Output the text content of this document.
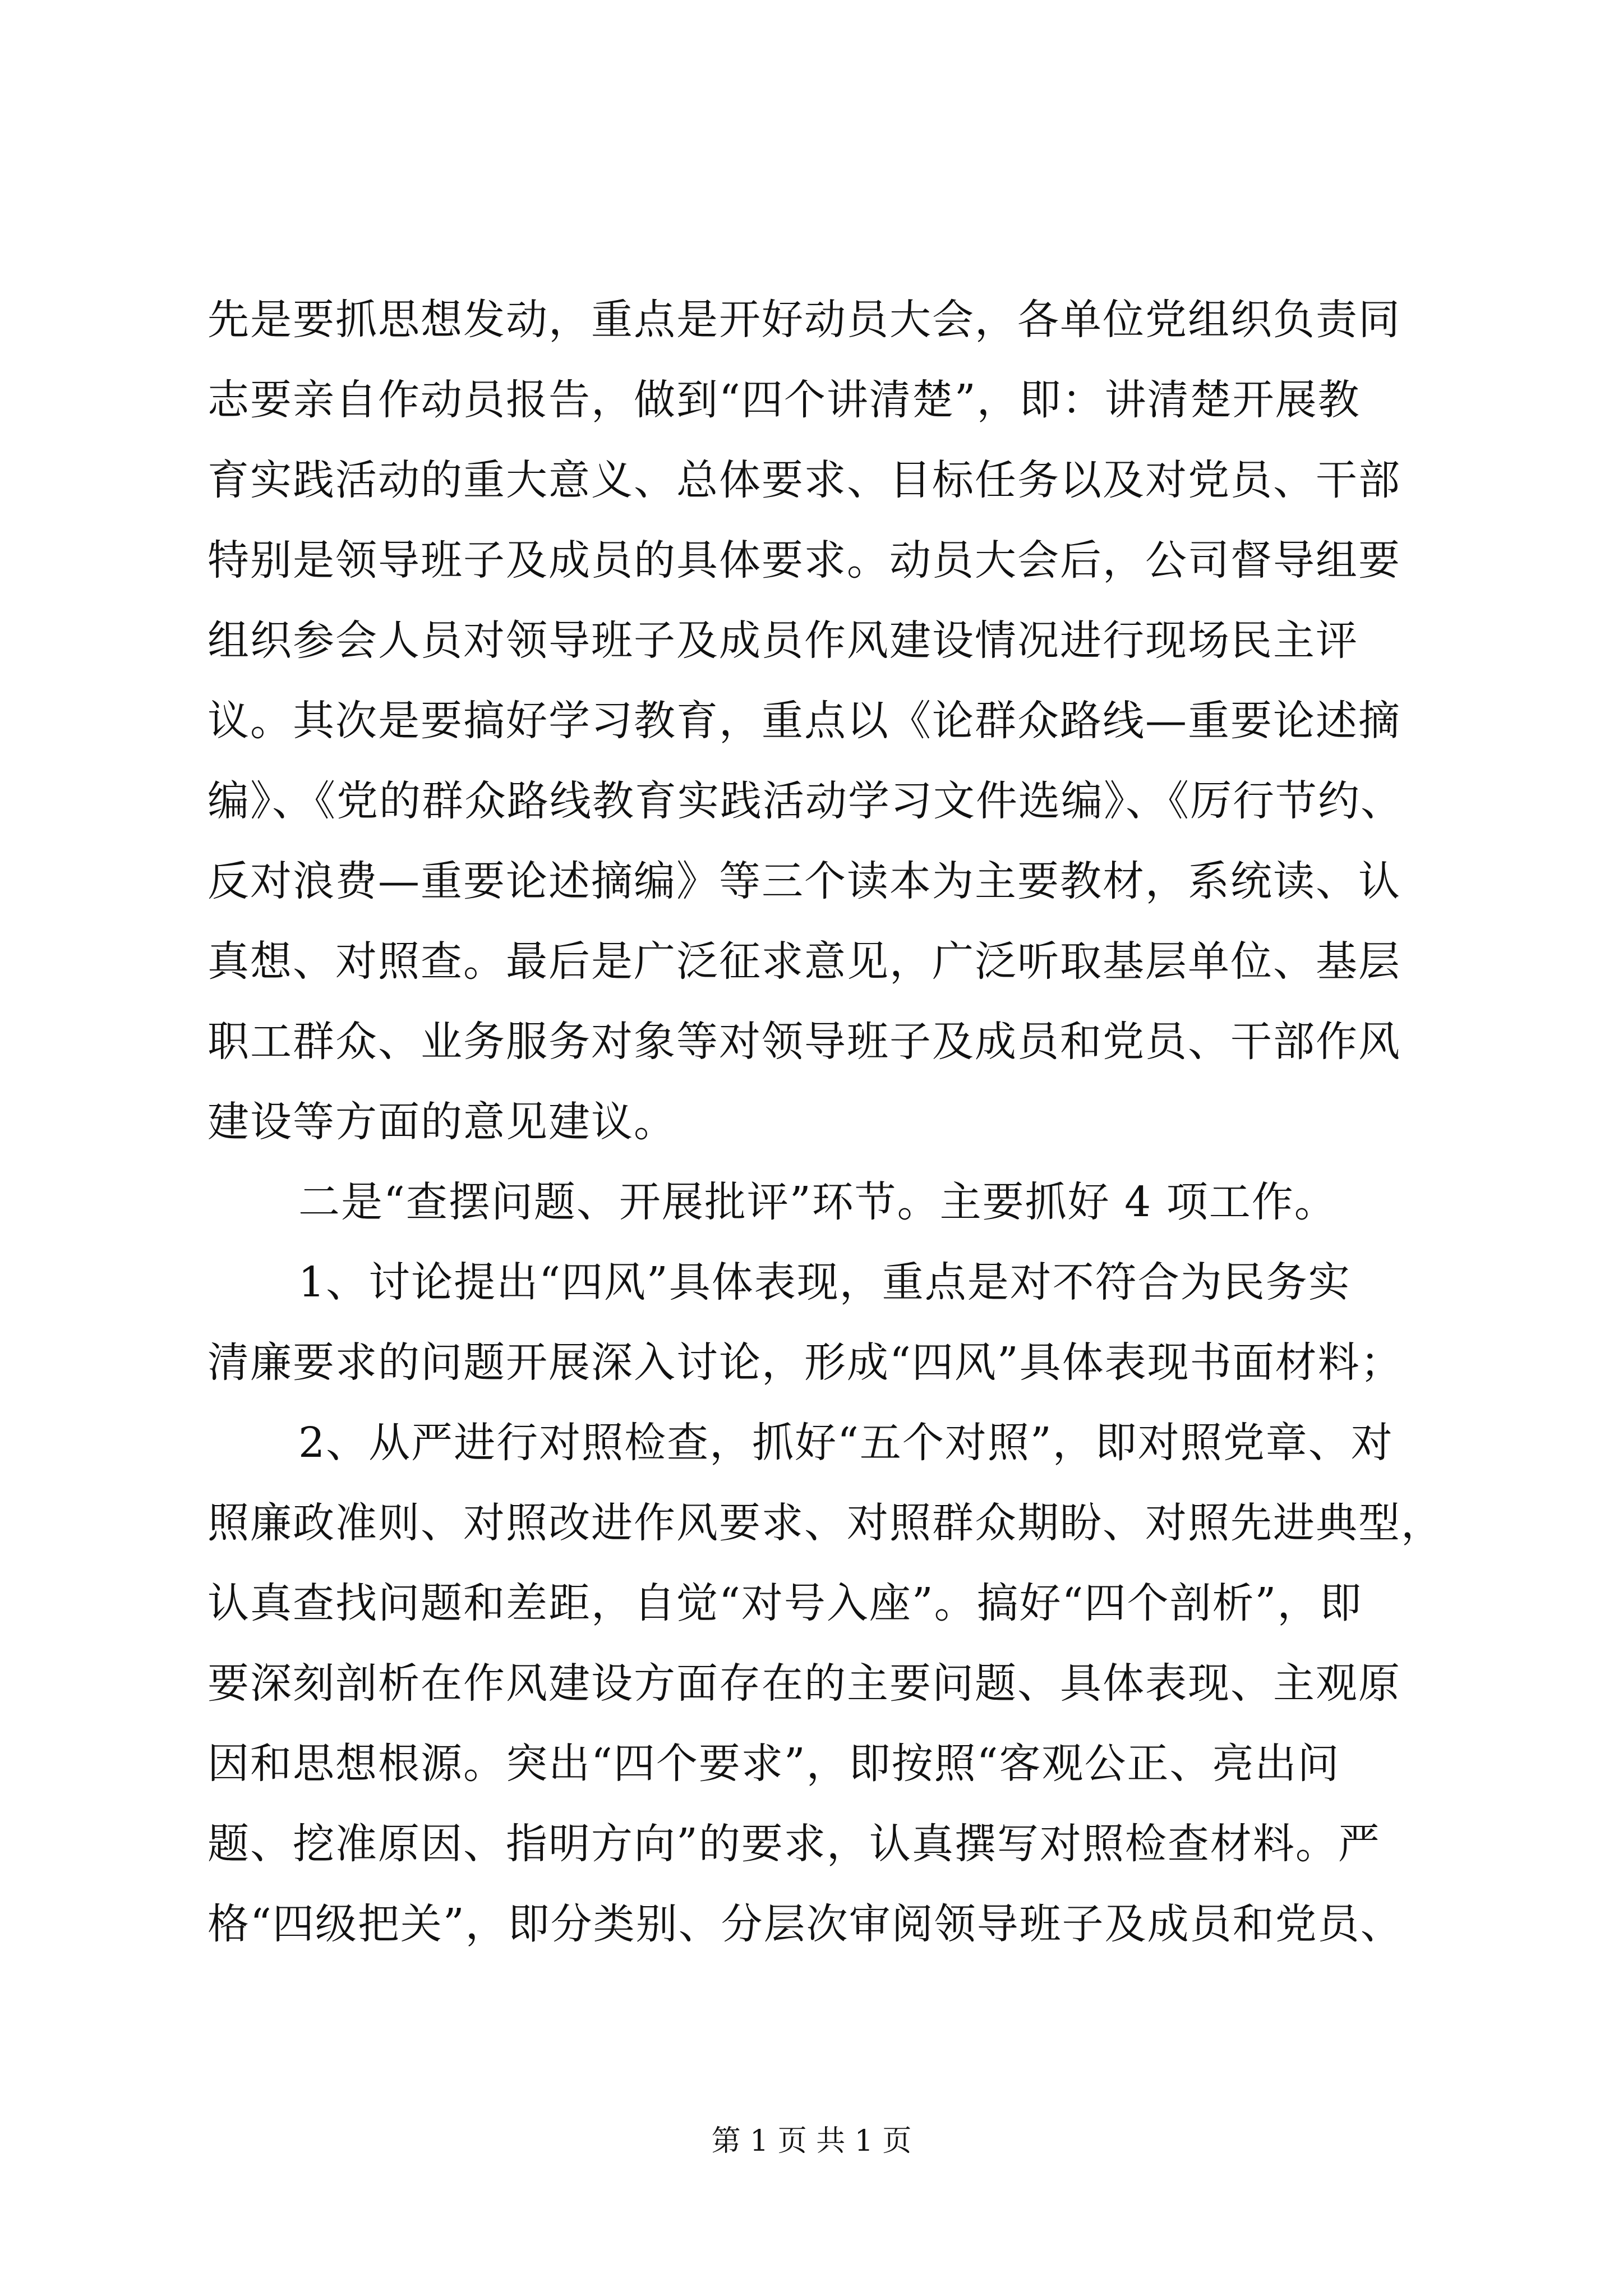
先是要抓思想发动，重点是开好动员大会，各单位党组织负责同

志要亲自作动员报告，做到“四个讲清楚”，即：讲清楚开展教

育实践活动的重大意义、总体要求、目标任务以及对党员、干部

特别是领导班子及成员的具体要求。动员大会后，公司督导组要

组织参会人员对领导班子及成员作风建设情况进行现场民主评

议。其次是要搞好学习教育，重点以《论群众路线—重要论述摘

编》、《党的群众路线教育实践活动学习文件选编》、《厉行节约、

反对浪费—重要论述摘编》等三个读本为主要教材，系统读、认

真想、对照查。最后是广泛征求意见，广泛听取基层单位、基层

职工群众、业务服务对象等对领导班子及成员和党员、干部作风

建设等方面的意见建议。

二是“查摆问题、开展批评”环节。主要抓好 4 项工作。

1、讨论提出“四风”具体表现，重点是对不符合为民务实

清廉要求的问题开展深入讨论，形成“四风”具体表现书面材料；

2、从严进行对照检查，抓好“五个对照”，即对照党章、对

照廉政准则、对照改进作风要求、对照群众期盼、对照先进典型，

认真查找问题和差距，自觉“对号入座”。搞好“四个剖析”，即

要深刻剖析在作风建设方面存在的主要问题、具体表现、主观原

因和思想根源。突出“四个要求”，即按照“客观公正、亮出问

题、挖准原因、指明方向”的要求，认真撰写对照检查材料。严

格“四级把关”，即分类别、分层次审阅领导班子及成员和党员、

第 1 页 共 1 页
